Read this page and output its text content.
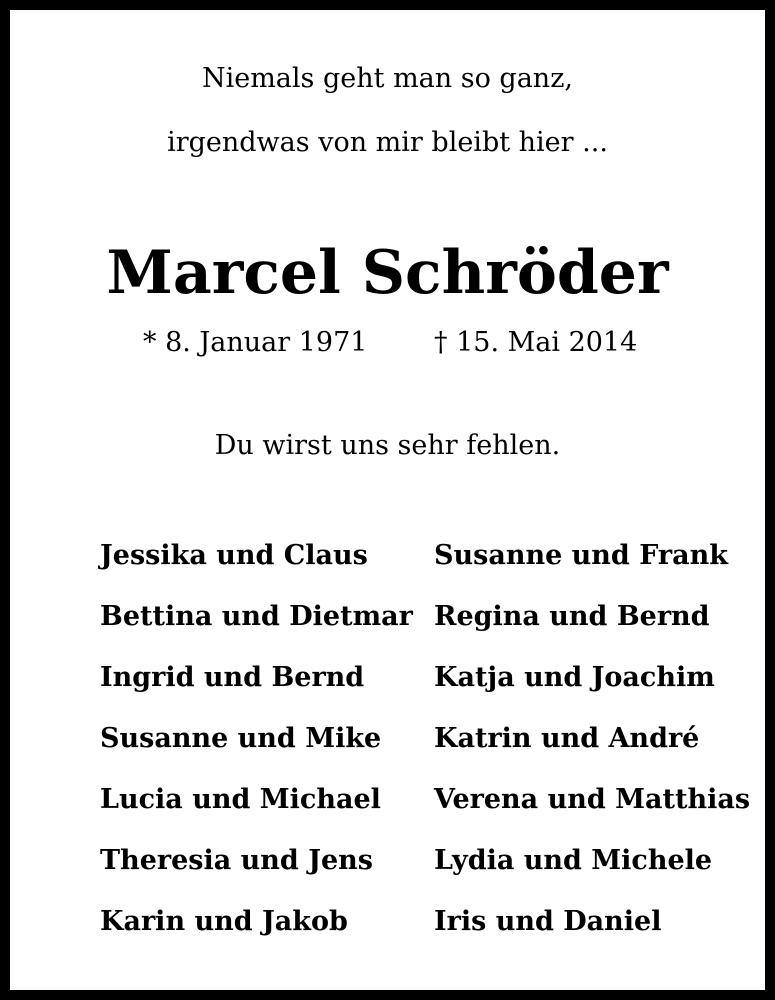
Niemals geht man so ganz,
irgendwas von mir bleibt hier ...
Marcel Schröder
* 8. Januar 1971 † 15. Mai 2014
Du wirst uns sehr fehlen.
Jessika und Claus
Bettina und Dietmar
Ingrid und Bernd
Susanne und Mike
Lucia und Michael
Theresia und Jens
Karin und Jakob
Susanne und Frank
Regina und Bernd
Katja und Joachim
Katrin und André
Verena und Matthias
Lydia und Michele
Iris und Daniel
